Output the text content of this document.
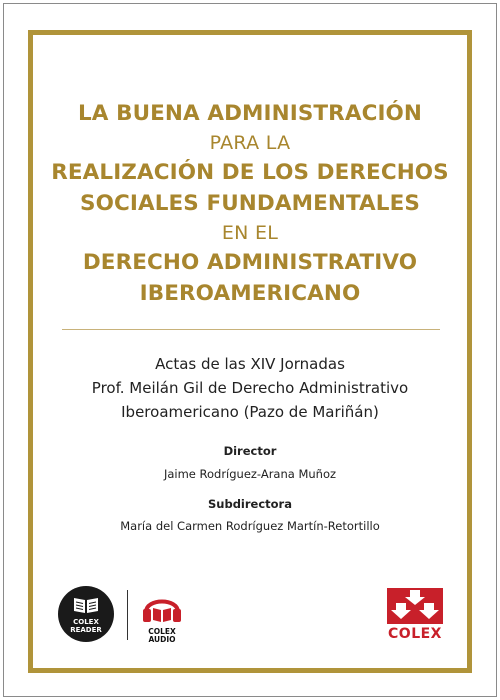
LA BUENA ADMINISTRACIÓN
PARA LA
REALIZACIÓN DE LOS DERECHOS
SOCIALES FUNDAMENTALES
EN EL
DERECHO ADMINISTRATIVO
IBEROAMERICANO
Actas de las XIV Jornadas
Prof. Meilán Gil de Derecho Administrativo
Iberoamericano (Pazo de Mariñán)
Director
Jaime Rodríguez-Arana Muñoz
Subdirectora
María del Carmen Rodríguez Martín-Retortillo
COLEX
READER	COLEX
AUDIO	COLEX
